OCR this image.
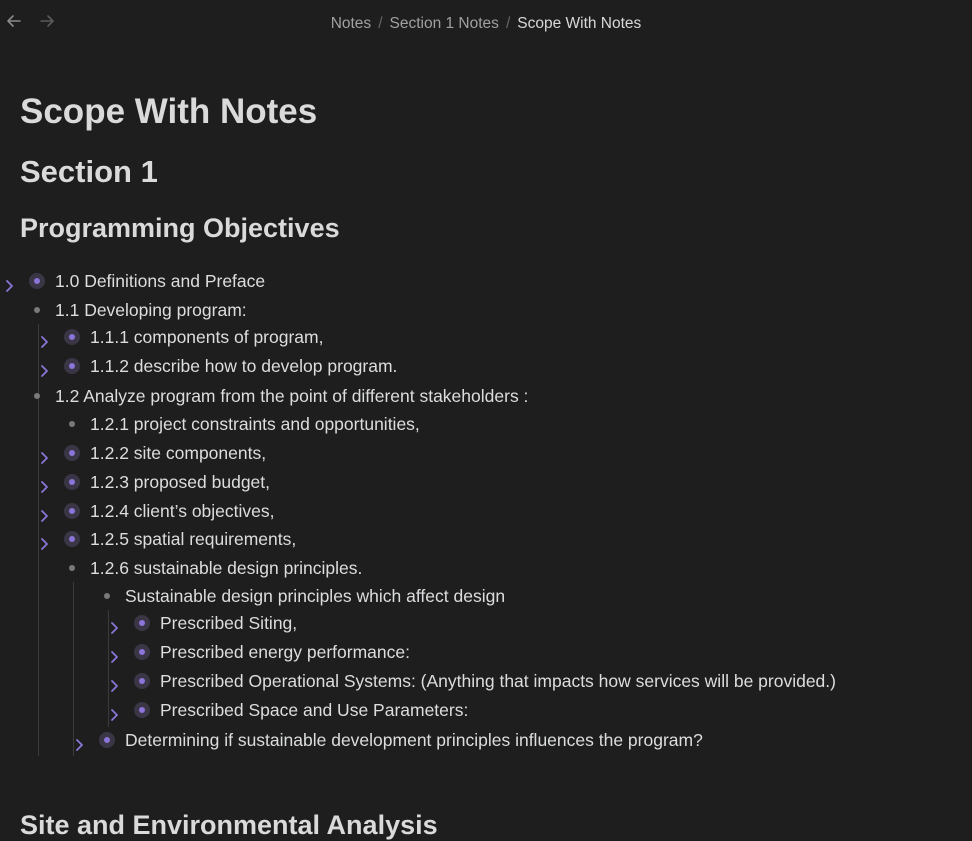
Notes / Section 1 Notes / Scope With Notes
Scope With Notes
Section 1
Programming Objectives
1.0 Definitions and Preface
1.1 Developing program:
1.1.1 components of program,
1.1.2 describe how to develop program.
1.2 Analyze program from the point of different stakeholders :
1.2.1 project constraints and opportunities,
1.2.2 site components,
1.2.3 proposed budget,
1.2.4 client’s objectives,
1.2.5 spatial requirements,
1.2.6 sustainable design principles.
Sustainable design principles which affect design
Prescribed Siting,
Prescribed energy performance:
Prescribed Operational Systems: (Anything that impacts how services will be provided.)
Prescribed Space and Use Parameters:
Determining if sustainable development principles influences the program?
Site and Environmental Analysis
